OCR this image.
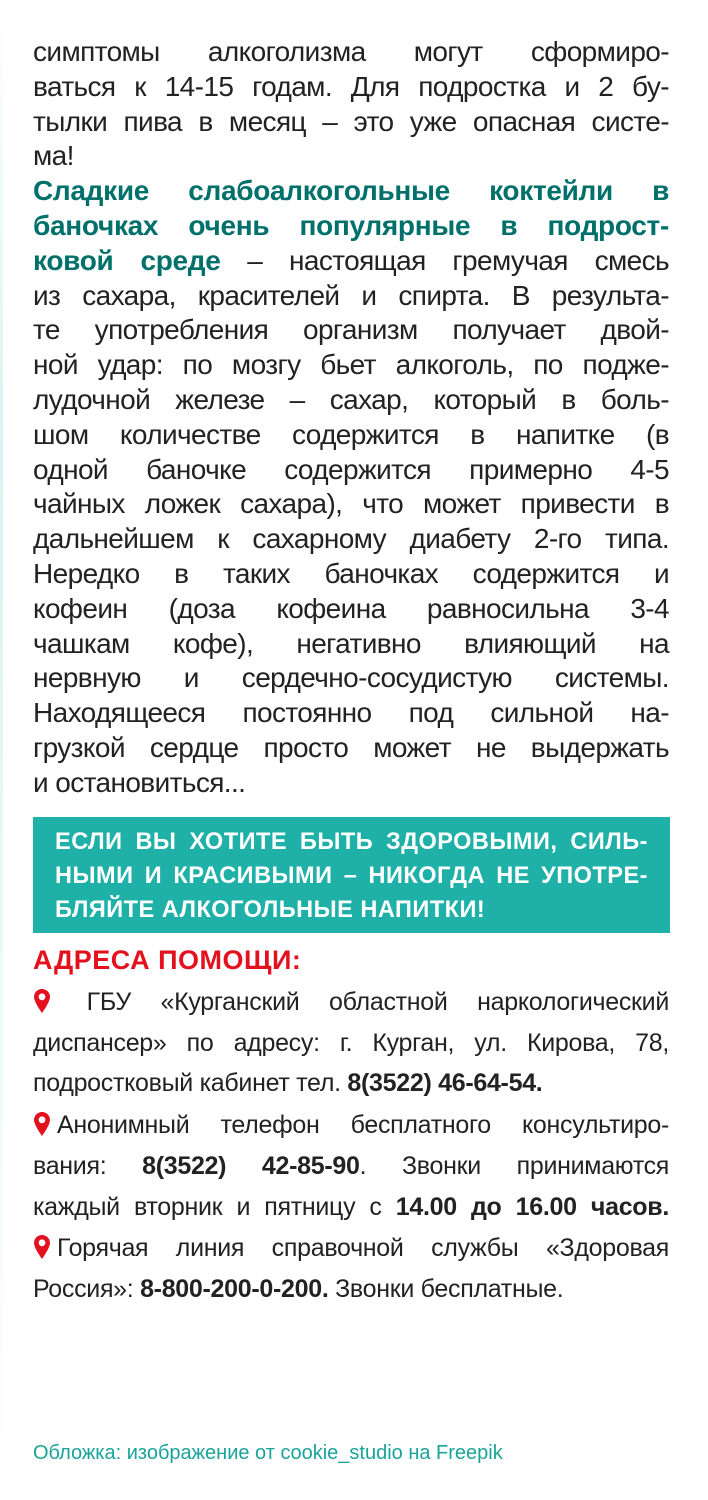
симптомы алкоголизма могут сформиро-
ваться к 14-15 годам. Для подростка и 2 бу-
тылки пива в месяц – это уже опасная систе-
ма!
Сладкие слабоалкогольные коктейли в
баночках очень популярные в подрост-
ковой среде – настоящая гремучая смесь
из сахара, красителей и спирта. В результа-
те употребления организм получает двой-
ной удар: по мозгу бьет алкоголь, по подже-
лудочной железе – сахар, который в боль-
шом количестве содержится в напитке (в
одной баночке содержится примерно 4-5
чайных ложек сахара), что может привести в
дальнейшем к сахарному диабету 2-го типа.
Нередко в таких баночках содержится и
кофеин (доза кофеина равносильна 3-4
чашкам кофе), негативно влияющий на
нервную и сердечно-сосудистую системы.
Находящееся постоянно под сильной на-
грузкой сердце просто может не выдержать
и остановиться...
ЕСЛИ ВЫ ХОТИТЕ БЫТЬ ЗДОРОВЫМИ, СИЛЬ-
НЫМИ И КРАСИВЫМИ – НИКОГДА НЕ УПОТРЕ-
БЛЯЙТЕ АЛКОГОЛЬНЫЕ НАПИТКИ!
АДРЕСА ПОМОЩИ:
ГБУ «Курганский областной наркологический
диспансер» по адресу: г. Курган, ул. Кирова, 78,
подростковый кабинет тел. 8(3522) 46-64-54.
Анонимный телефон бесплатного консультиро-
вания: 8(3522) 42-85-90. Звонки принимаются
каждый вторник и пятницу с 14.00 до 16.00 часов.
Горячая линия справочной службы «Здоровая
Россия»: 8-800-200-0-200. Звонки бесплатные.
Обложка: изображение от cookie_studio на Freepik
